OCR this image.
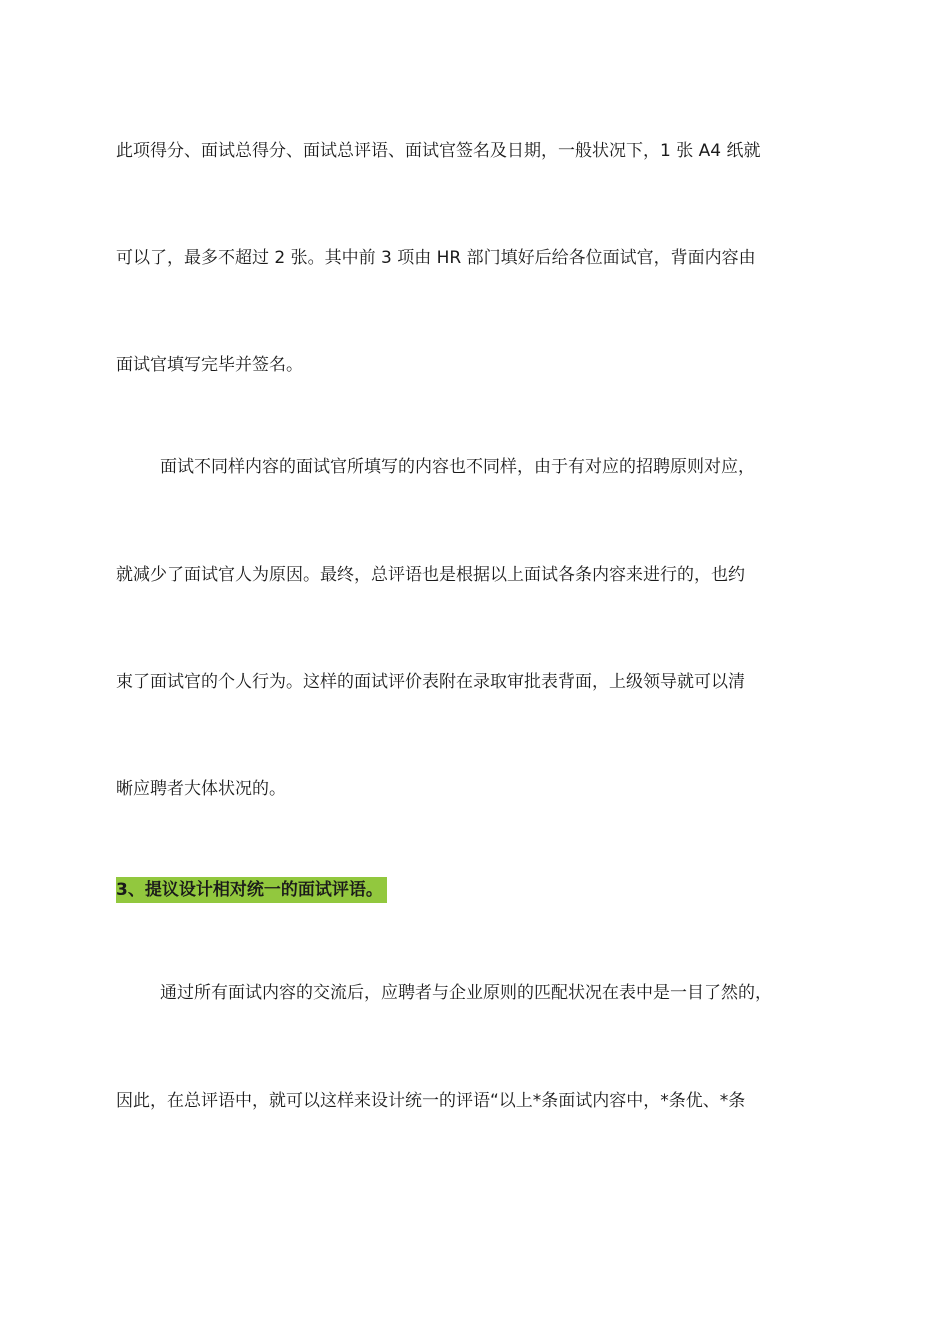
此项得分、面试总得分、面试总评语、面试官签名及日期，一般状况下，1 张 A4 纸就
可以了，最多不超过 2 张。其中前 3 项由 HR 部门填好后给各位面试官，背面内容由
面试官填写完毕并签名。
面试不同样内容的面试官所填写的内容也不同样，由于有对应的招聘原则对应，
就减少了面试官人为原因。最终，总评语也是根据以上面试各条内容来进行的，也约
束了面试官的个人行为。这样的面试评价表附在录取审批表背面，上级领导就可以清
晰应聘者大体状况的。
3、提议设计相对统一的面试评语。
通过所有面试内容的交流后，应聘者与企业原则的匹配状况在表中是一目了然的，
因此，在总评语中，就可以这样来设计统一的评语“以上*条面试内容中，*条优、*条
